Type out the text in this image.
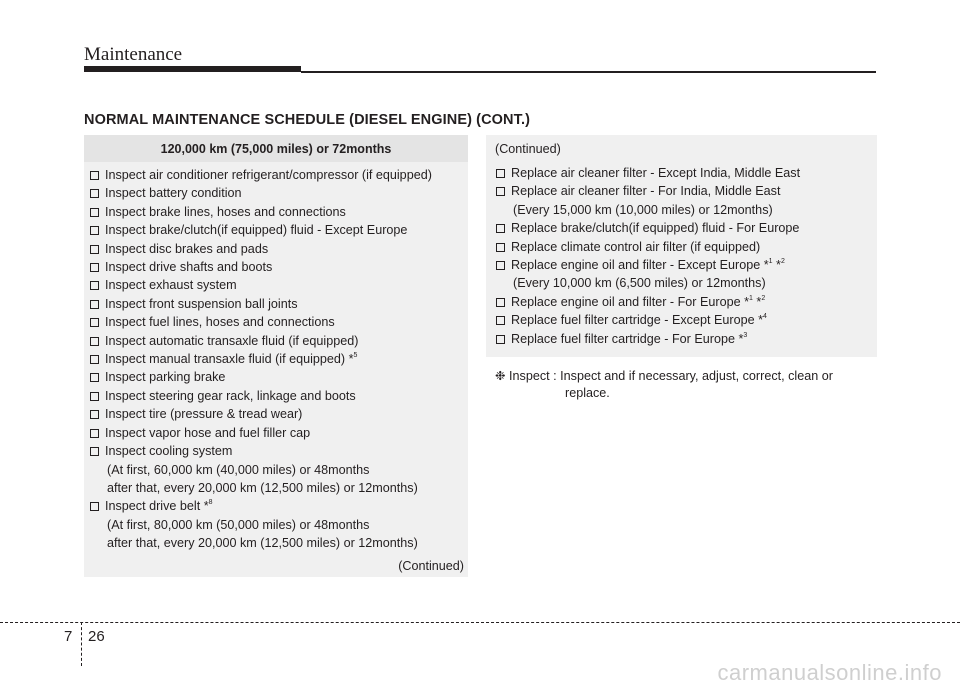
Maintenance
NORMAL MAINTENANCE SCHEDULE (DIESEL ENGINE) (CONT.)
120,000 km (75,000 miles) or 72months
Inspect air conditioner refrigerant/compressor (if equipped)
Inspect battery condition
Inspect brake lines, hoses and connections
Inspect brake/clutch(if equipped) fluid - Except Europe
Inspect disc brakes and pads
Inspect drive shafts and boots
Inspect exhaust system
Inspect front suspension ball joints
Inspect fuel lines, hoses and connections
Inspect automatic transaxle fluid (if equipped)
Inspect manual transaxle fluid (if equipped) *$^5$
Inspect parking brake
Inspect steering gear rack, linkage and boots
Inspect tire (pressure & tread wear)
Inspect vapor hose and fuel filler cap
Inspect cooling system
(At first, 60,000 km (40,000 miles) or 48months
after that, every 20,000 km (12,500 miles) or 12months)
Inspect drive belt *$^8$
(At first, 80,000 km (50,000 miles) or 48months
after that, every 20,000 km (12,500 miles) or 12months)
(Continued)
(Continued)
Replace air cleaner filter - Except India, Middle East
Replace air cleaner filter - For India, Middle East
(Every 15,000 km (10,000 miles) or 12months)
Replace brake/clutch(if equipped) fluid - For Europe
Replace climate control air filter (if equipped)
Replace engine oil and filter - Except Europe *$^1$ *$^2$
(Every 10,000 km (6,500 miles) or 12months)
Replace engine oil and filter - For Europe *$^1$ *$^2$
Replace fuel filter cartridge - Except Europe *$^4$
Replace fuel filter cartridge - For Europe *$^3$
❉ Inspect : Inspect and if necessary, adjust, correct, clean or
replace.
7 26
carmanualsonline.info
